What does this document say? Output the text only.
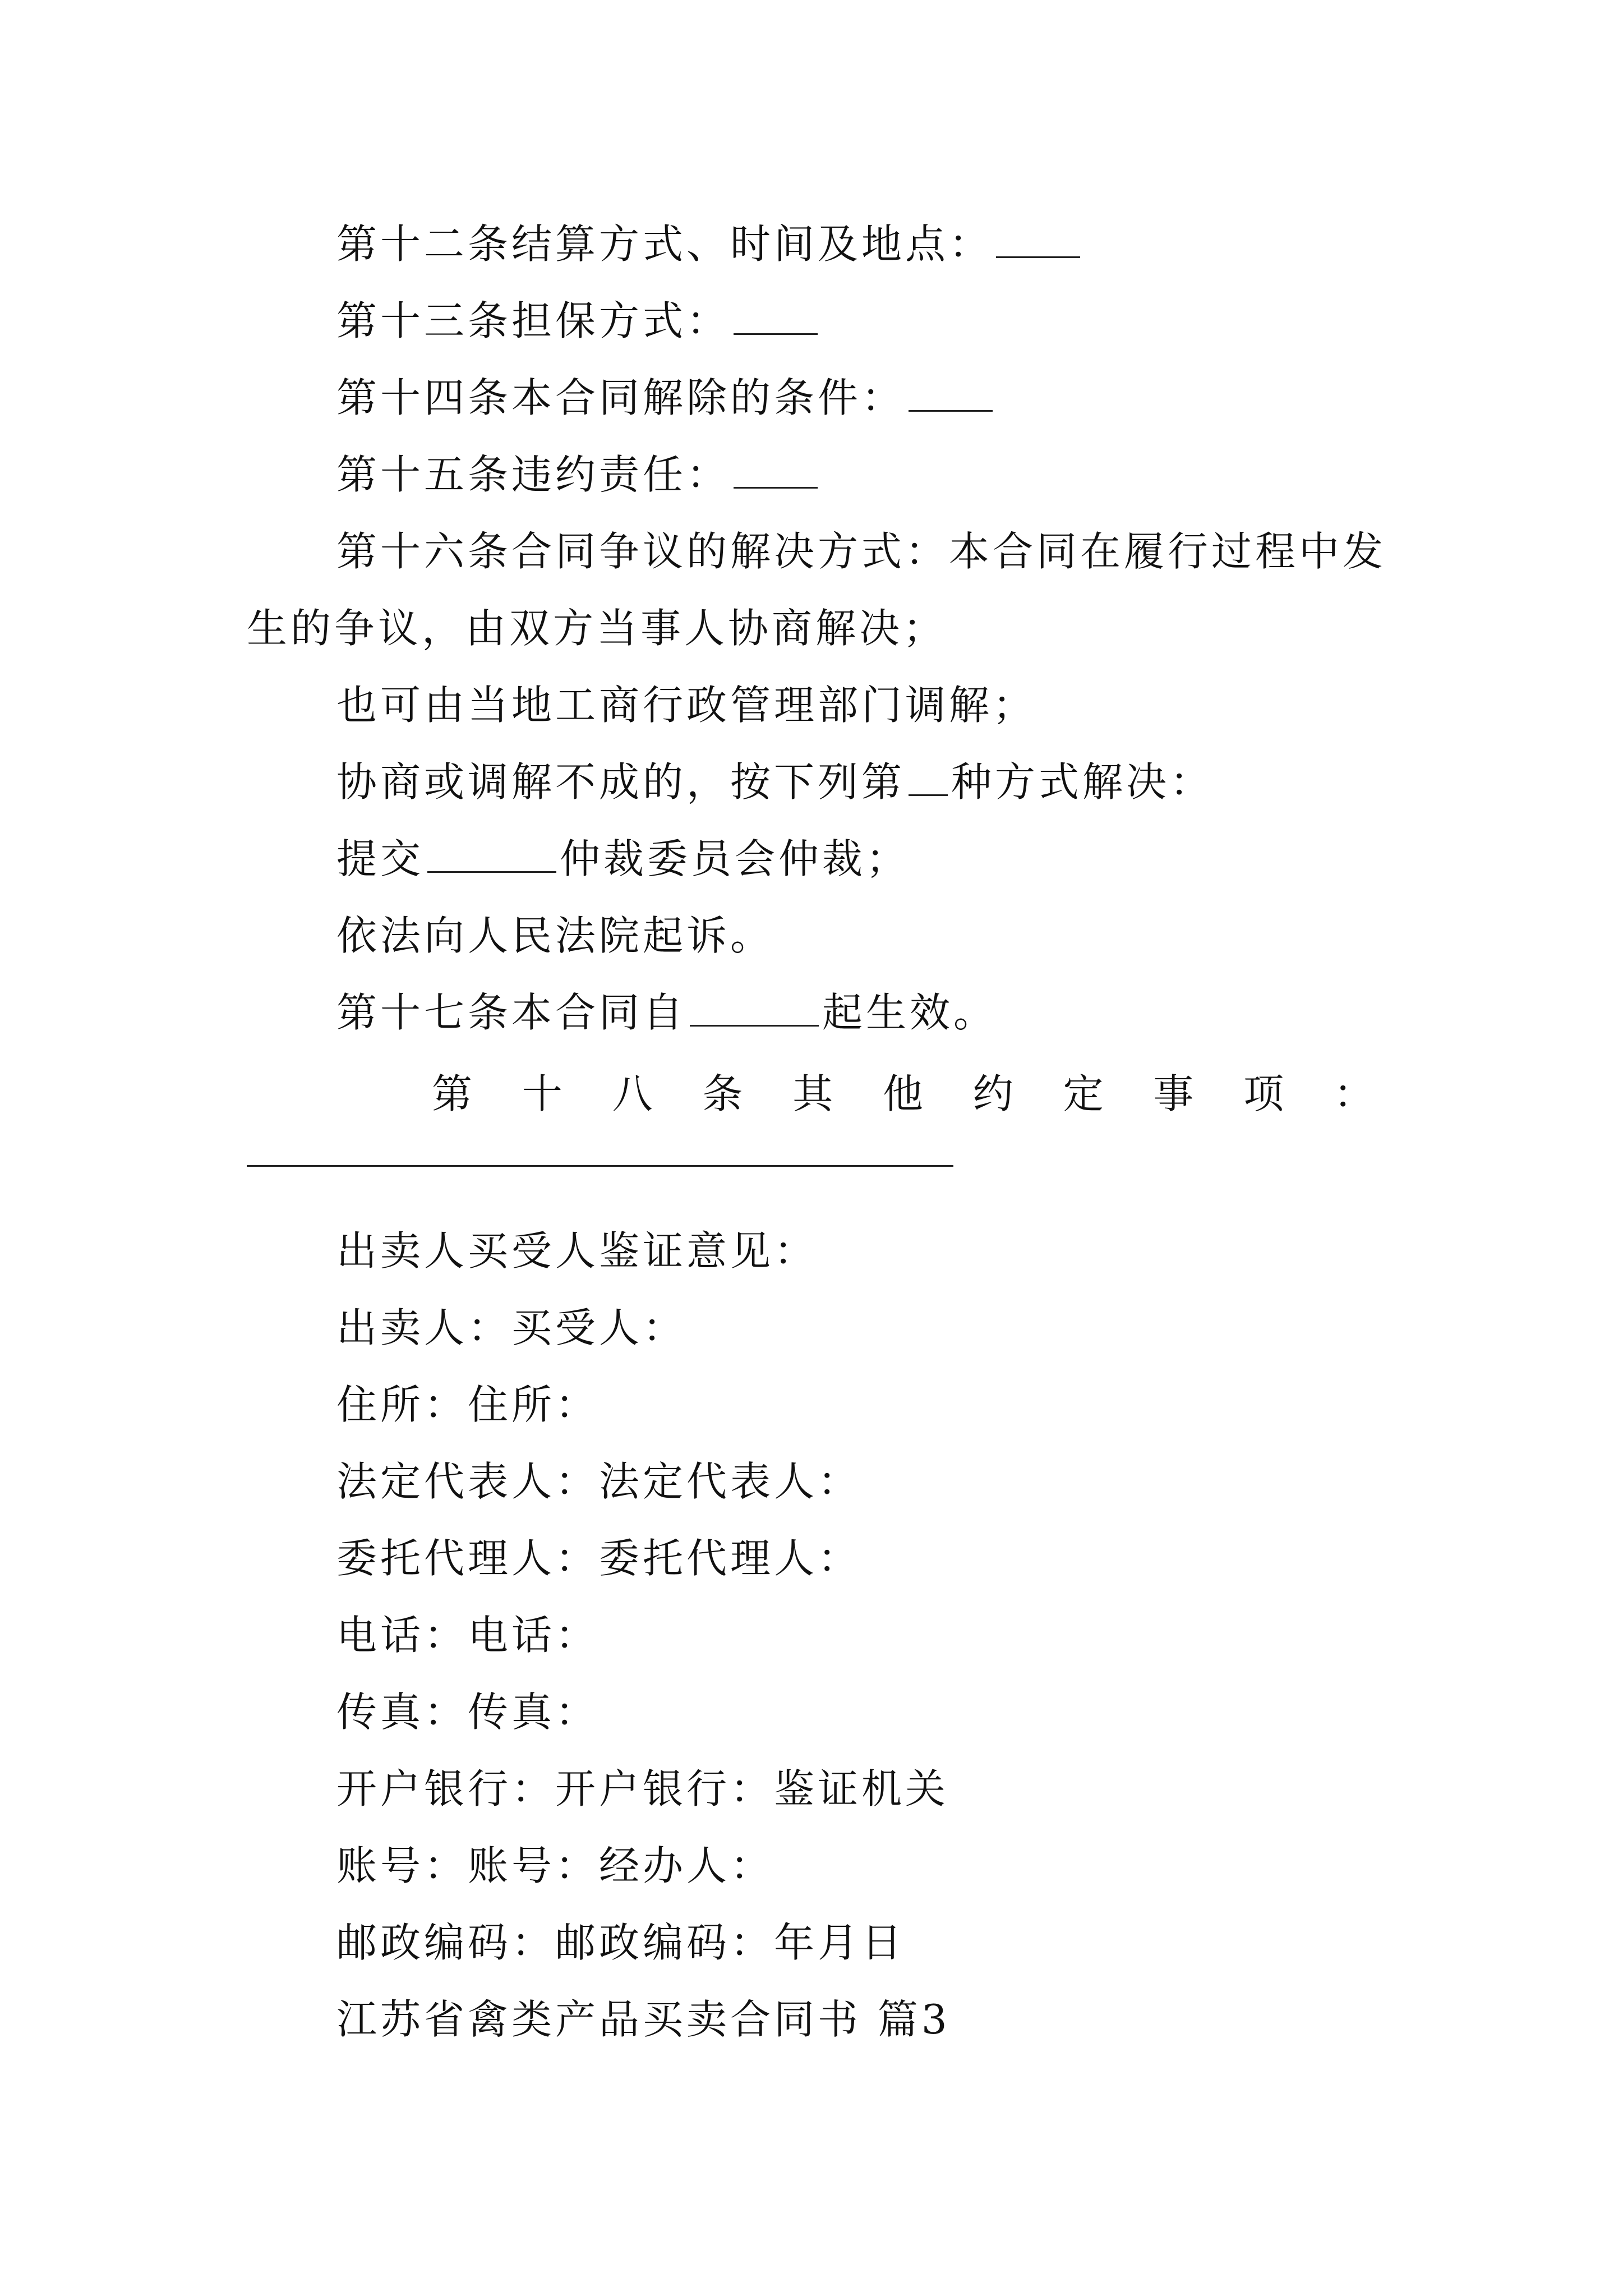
第十二条结算方式、时间及地点：
第十三条担保方式：
第十四条本合同解除的条件：
第十五条违约责任：
第十六条合同争议的解决方式：本合同在履行过程中发
生的争议，由双方当事人协商解决；
也可由当地工商行政管理部门调解；
协商或调解不成的，按下列第 种方式解决：
提交	仲裁委员会仲裁；
依法向人民法院起诉。
第十七条本合同自	起生效。
第 十 八 条 其 他 约 定 事 项 ：
出卖人买受人鉴证意见：
出卖人：买受人：
住所：住所：
法定代表人：法定代表人：
委托代理人：委托代理人：
电话：电话：
传真：传真：
开户银行：开户银行：鉴证机关
账号：账号：经办人：
邮政编码：邮政编码：年月日
江苏省禽类产品买卖合同书 篇3
